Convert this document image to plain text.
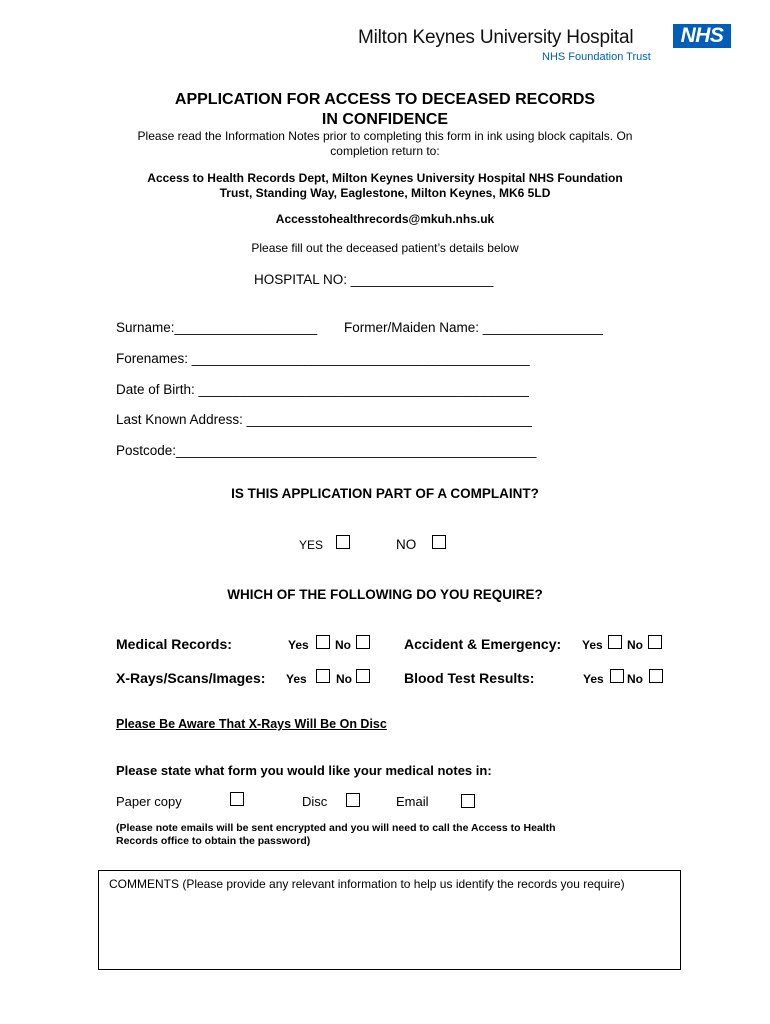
Milton Keynes University Hospital
NHS Foundation Trust
NHS
APPLICATION FOR ACCESS TO DECEASED RECORDS
IN CONFIDENCE
Please read the Information Notes prior to completing this form in ink using block capitals. On
completion return to:
Access to Health Records Dept, Milton Keynes University Hospital NHS Foundation
Trust, Standing Way, Eaglestone, Milton Keynes, MK6 5LD
Accesstohealthrecords@mkuh.nhs.uk
Please fill out the deceased patient’s details below
HOSPITAL NO: ___________________
Surname:___________________ Former/Maiden Name: ________________
Forenames: _____________________________________________
Date of Birth: ____________________________________________
Last Known Address: ______________________________________
Postcode:________________________________________________
IS THIS APPLICATION PART OF A COMPLAINT?
YES	NO
WHICH OF THE FOLLOWING DO YOU REQUIRE?
Medical Records:	Yes No	Accident & Emergency: Yes No
X-Rays/Scans/Images: Yes No	Blood Test Results:	Yes No
Please Be Aware That X-Rays Will Be On Disc
Please state what form you would like your medical notes in:
Paper copy	Disc	Email
(Please note emails will be sent encrypted and you will need to call the Access to Health
Records office to obtain the password)
COMMENTS (Please provide any relevant information to help us identify the records you require)
